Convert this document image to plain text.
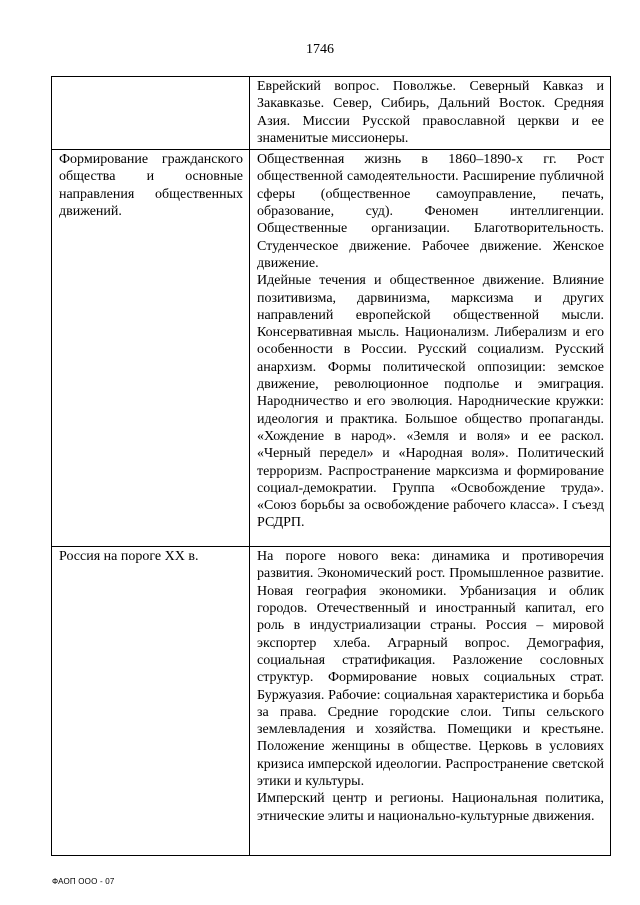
1746

	Еврейский вопрос. Поволжье. Северный Кавказ и Закавказье. Север, Сибирь, Дальний Восток. Средняя Азия. Миссии Русской православной церкви и ее знаменитые миссионеры.

Формирование гражданского общества и основные направления общественных движений.	Общественная жизнь в 1860–1890-х гг. Рост общественной самодеятельности. Расширение публичной сферы (общественное самоуправление, печать, образование, суд). Феномен интеллигенции. Общественные организации. Благотворительность. Студенческое движение. Рабочее движение. Женское движение.

Идейные течения и общественное движение. Влияние позитивизма, дарвинизма, марксизма и других направлений европейской общественной мысли. Консервативная мысль. Национализм. Либерализм и его особенности в России. Русский социализм. Русский анархизм. Формы политической оппозиции: земское движение, революционное подполье и эмиграция. Народничество и его эволюция. Народнические кружки: идеология и практика. Большое общество пропаганды. «Хождение в народ». «Земля и воля» и ее раскол. «Черный передел» и «Народная воля». Политический терроризм. Распространение марксизма и формирование социал-демократии. Группа «Освобождение труда». «Союз борьбы за освобождение рабочего класса». I съезд РСДРП.

Россия на пороге XX в.	На пороге нового века: динамика и противоречия развития. Экономический рост. Промышленное развитие. Новая география экономики. Урбанизация и облик городов. Отечественный и иностранный капитал, его роль в индустриализации страны. Россия – мировой экспортер хлеба. Аграрный вопрос. Демография, социальная стратификация. Разложение сословных структур. Формирование новых социальных страт. Буржуазия. Рабочие: социальная характеристика и борьба за права. Средние городские слои. Типы сельского землевладения и хозяйства. Помещики и крестьяне. Положение женщины в обществе. Церковь в условиях кризиса имперской идеологии. Распространение светской этики и культуры.

Имперский центр и регионы. Национальная политика, этнические элиты и национально-культурные движения.

ФАОП ООО - 07
